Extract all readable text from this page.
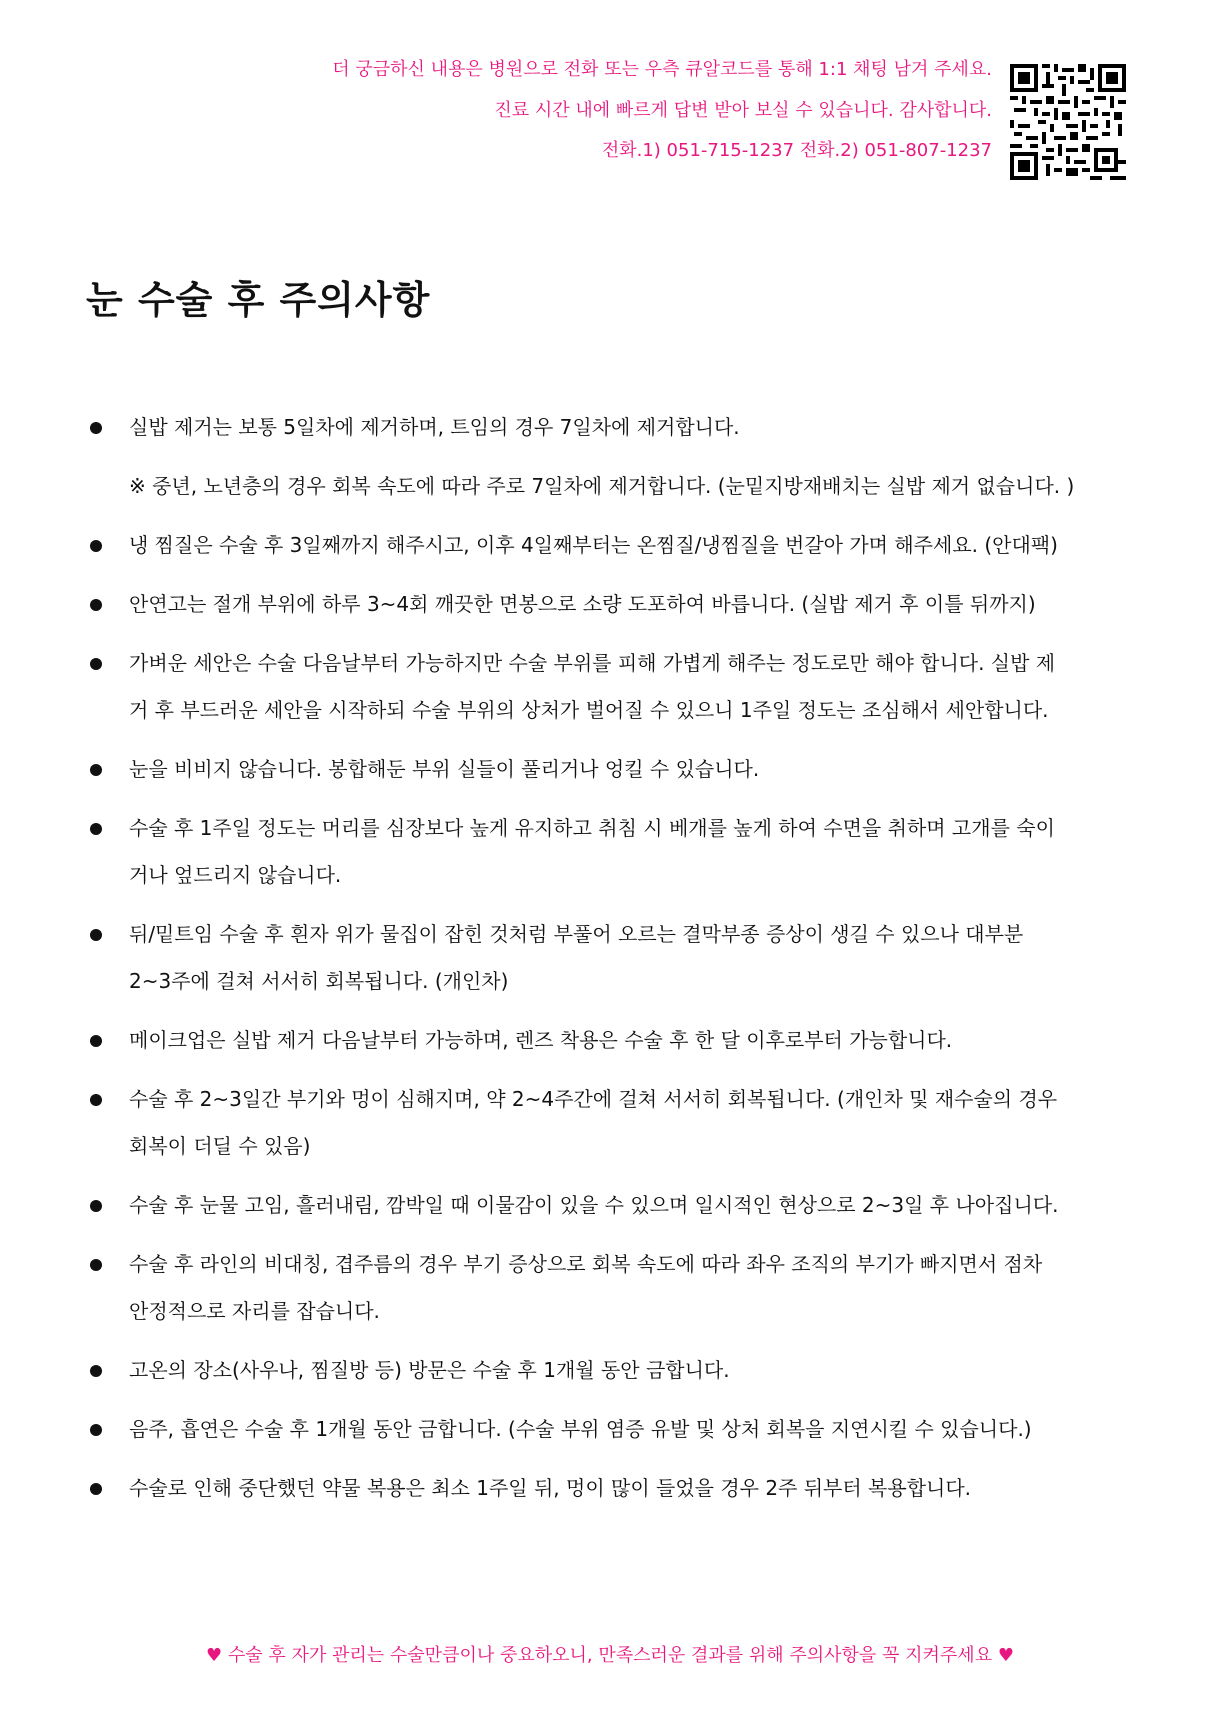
더 궁금하신 내용은 병원으로 전화 또는 우측 큐알코드를 통해 1:1 채팅 남겨 주세요.
진료 시간 내에 빠르게 답변 받아 보실 수 있습니다. 감사합니다.
전화.1) 051-715-1237 전화.2) 051-807-1237
눈 수술 후 주의사항
실밥 제거는 보통 5일차에 제거하며, 트임의 경우 7일차에 제거합니다.
※ 중년, 노년층의 경우 회복 속도에 따라 주로 7일차에 제거합니다. (눈밑지방재배치는 실밥 제거 없습니다. )
냉 찜질은 수술 후 3일째까지 해주시고, 이후 4일째부터는 온찜질/냉찜질을 번갈아 가며 해주세요. (안대팩)
안연고는 절개 부위에 하루 3~4회 깨끗한 면봉으로 소량 도포하여 바릅니다. (실밥 제거 후 이틀 뒤까지)
가벼운 세안은 수술 다음날부터 가능하지만 수술 부위를 피해 가볍게 해주는 정도로만 해야 합니다. 실밥 제
거 후 부드러운 세안을 시작하되 수술 부위의 상처가 벌어질 수 있으니 1주일 정도는 조심해서 세안합니다.
눈을 비비지 않습니다. 봉합해둔 부위 실들이 풀리거나 엉킬 수 있습니다.
수술 후 1주일 정도는 머리를 심장보다 높게 유지하고 취침 시 베개를 높게 하여 수면을 취하며 고개를 숙이
거나 엎드리지 않습니다.
뒤/밑트임 수술 후 흰자 위가 물집이 잡힌 것처럼 부풀어 오르는 결막부종 증상이 생길 수 있으나 대부분
2~3주에 걸쳐 서서히 회복됩니다. (개인차)
메이크업은 실밥 제거 다음날부터 가능하며, 렌즈 착용은 수술 후 한 달 이후로부터 가능합니다.
수술 후 2~3일간 부기와 멍이 심해지며, 약 2~4주간에 걸쳐 서서히 회복됩니다. (개인차 및 재수술의 경우
회복이 더딜 수 있음)
수술 후 눈물 고임, 흘러내림, 깜박일 때 이물감이 있을 수 있으며 일시적인 현상으로 2~3일 후 나아집니다.
수술 후 라인의 비대칭, 겹주름의 경우 부기 증상으로 회복 속도에 따라 좌우 조직의 부기가 빠지면서 점차
안정적으로 자리를 잡습니다.
고온의 장소(사우나, 찜질방 등) 방문은 수술 후 1개월 동안 금합니다.
음주, 흡연은 수술 후 1개월 동안 금합니다. (수술 부위 염증 유발 및 상처 회복을 지연시킬 수 있습니다.)
수술로 인해 중단했던 약물 복용은 최소 1주일 뒤, 멍이 많이 들었을 경우 2주 뒤부터 복용합니다.
♥ 수술 후 자가 관리는 수술만큼이나 중요하오니, 만족스러운 결과를 위해 주의사항을 꼭 지켜주세요 ♥
